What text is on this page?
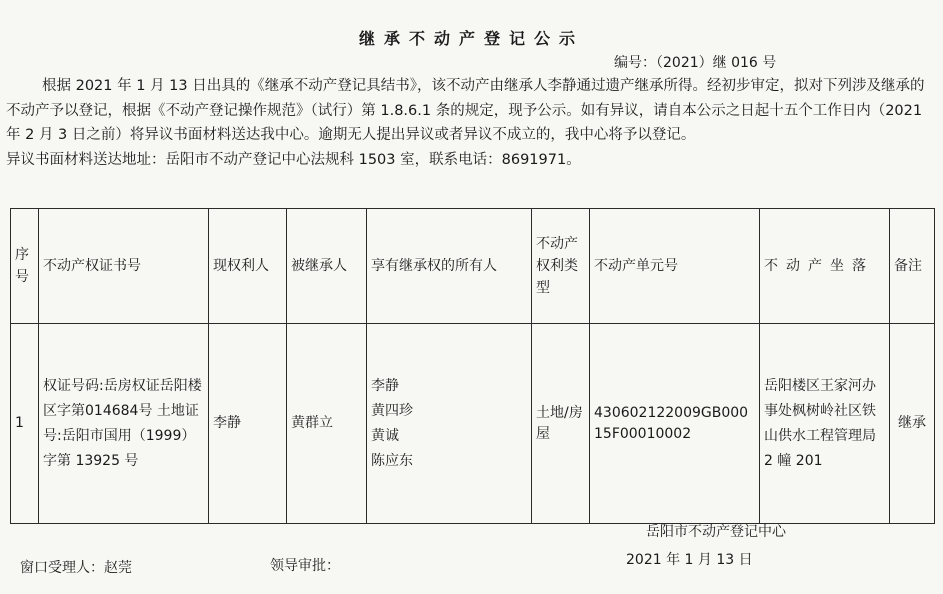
继承不动产登记公示
编号：（2021）继 016 号

根据 2021 年 1 月 13 日出具的《继承不动产登记具结书》，该不动产由继承人李静通过遗产继承所得。经初步审定，拟对下列涉及继承的不动产予以登记，根据《不动产登记操作规范》（试行）第 1.8.6.1 条的规定，现予公示。如有异议，请自本公示之日起十五个工作日内（2021 年 2 月 3 日之前）将异议书面材料送达我中心。逾期无人提出异议或者异议不成立的，我中心将予以登记。

异议书面材料送达地址：岳阳市不动产登记中心法规科 1503 室，联系电话：8691971。

序号	不动产权证书号	现权利人	被继承人	享有继承权的所有人	不动产权利类型	不动产单元号	不动产坐落	备注
1	权证号码:岳房权证岳阳楼区字第014684号 土地证号:岳阳市国用（1999）字第 13925 号	李静	黄群立	李静
黄四珍
黄诚
陈应东	土地/房屋	430602122009GB00015F00010002	岳阳楼区王家河办事处枫树岭社区铁山供水工程管理局 2 幢 201	继承
岳阳市不动产登记中心
2021 年 1 月 13 日
窗口受理人：赵莞	领导审批：
